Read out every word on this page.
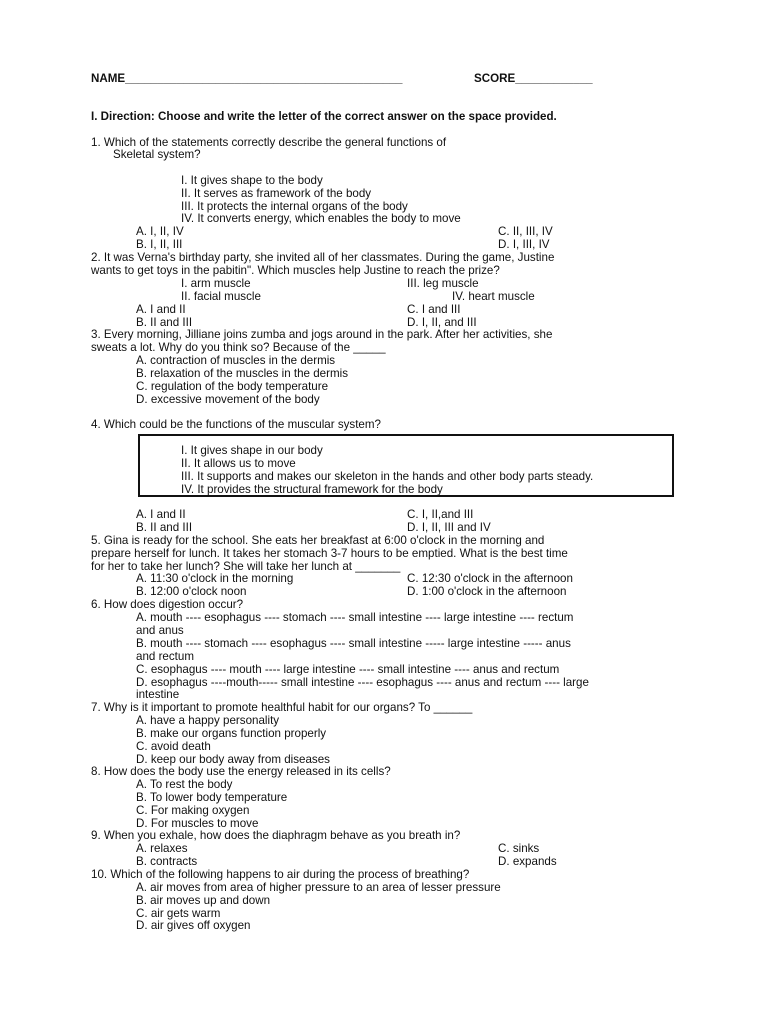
NAME___________________________________________	SCORE____________
I. Direction: Choose and write the letter of the correct answer on the space provided.
1. Which of the statements correctly describe the general functions of
Skeletal system?
I. It gives shape to the body
II. It serves as framework of the body
III. It protects the internal organs of the body
IV. It converts energy, which enables the body to move
A. I, II, IV	C. II, III, IV
B. I, II, III	D. I, III, IV
2. It was Verna's birthday party, she invited all of her classmates. During the game, Justine
wants to get toys in the pabitin". Which muscles help Justine to reach the prize?
I. arm muscle	III. leg muscle
II. facial muscle	IV. heart muscle
A. I and II	C. I and III
B. II and III	D. I, II, and III
3. Every morning, Jilliane joins zumba and jogs around in the park. After her activities, she
sweats a lot. Why do you think so? Because of the _____
A. contraction of muscles in the dermis
B. relaxation of the muscles in the dermis
C. regulation of the body temperature
D. excessive movement of the body
4. Which could be the functions of the muscular system?
I. It gives shape in our body
II. It allows us to move
III. It supports and makes our skeleton in the hands and other body parts steady.
IV. It provides the structural framework for the body
A. I and II	C. I, II,and III
B. II and III	D. I, II, III and IV
5. Gina is ready for the school. She eats her breakfast at 6:00 o'clock in the morning and
prepare herself for lunch. It takes her stomach 3-7 hours to be emptied. What is the best time
for her to take her lunch? She will take her lunch at _______
A. 11:30 o'clock in the morning	C. 12:30 o'clock in the afternoon
B. 12:00 o'clock noon	D. 1:00 o'clock in the afternoon
6. How does digestion occur?
A. mouth ---- esophagus ---- stomach ---- small intestine ---- large intestine ---- rectum
and anus
B. mouth ---- stomach ---- esophagus ---- small intestine ----- large intestine ----- anus
and rectum
C. esophagus ---- mouth ---- large intestine ---- small intestine ---- anus and rectum
D. esophagus ----mouth----- small intestine ---- esophagus ---- anus and rectum ---- large
intestine
7. Why is it important to promote healthful habit for our organs? To ______
A. have a happy personality
B. make our organs function properly
C. avoid death
D. keep our body away from diseases
8. How does the body use the energy released in its cells?
A. To rest the body
B. To lower body temperature
C. For making oxygen
D. For muscles to move
9. When you exhale, how does the diaphragm behave as you breath in?
A. relaxes	C. sinks
B. contracts	D. expands
10. Which of the following happens to air during the process of breathing?
A. air moves from area of higher pressure to an area of lesser pressure
B. air moves up and down
C. air gets warm
D. air gives off oxygen
